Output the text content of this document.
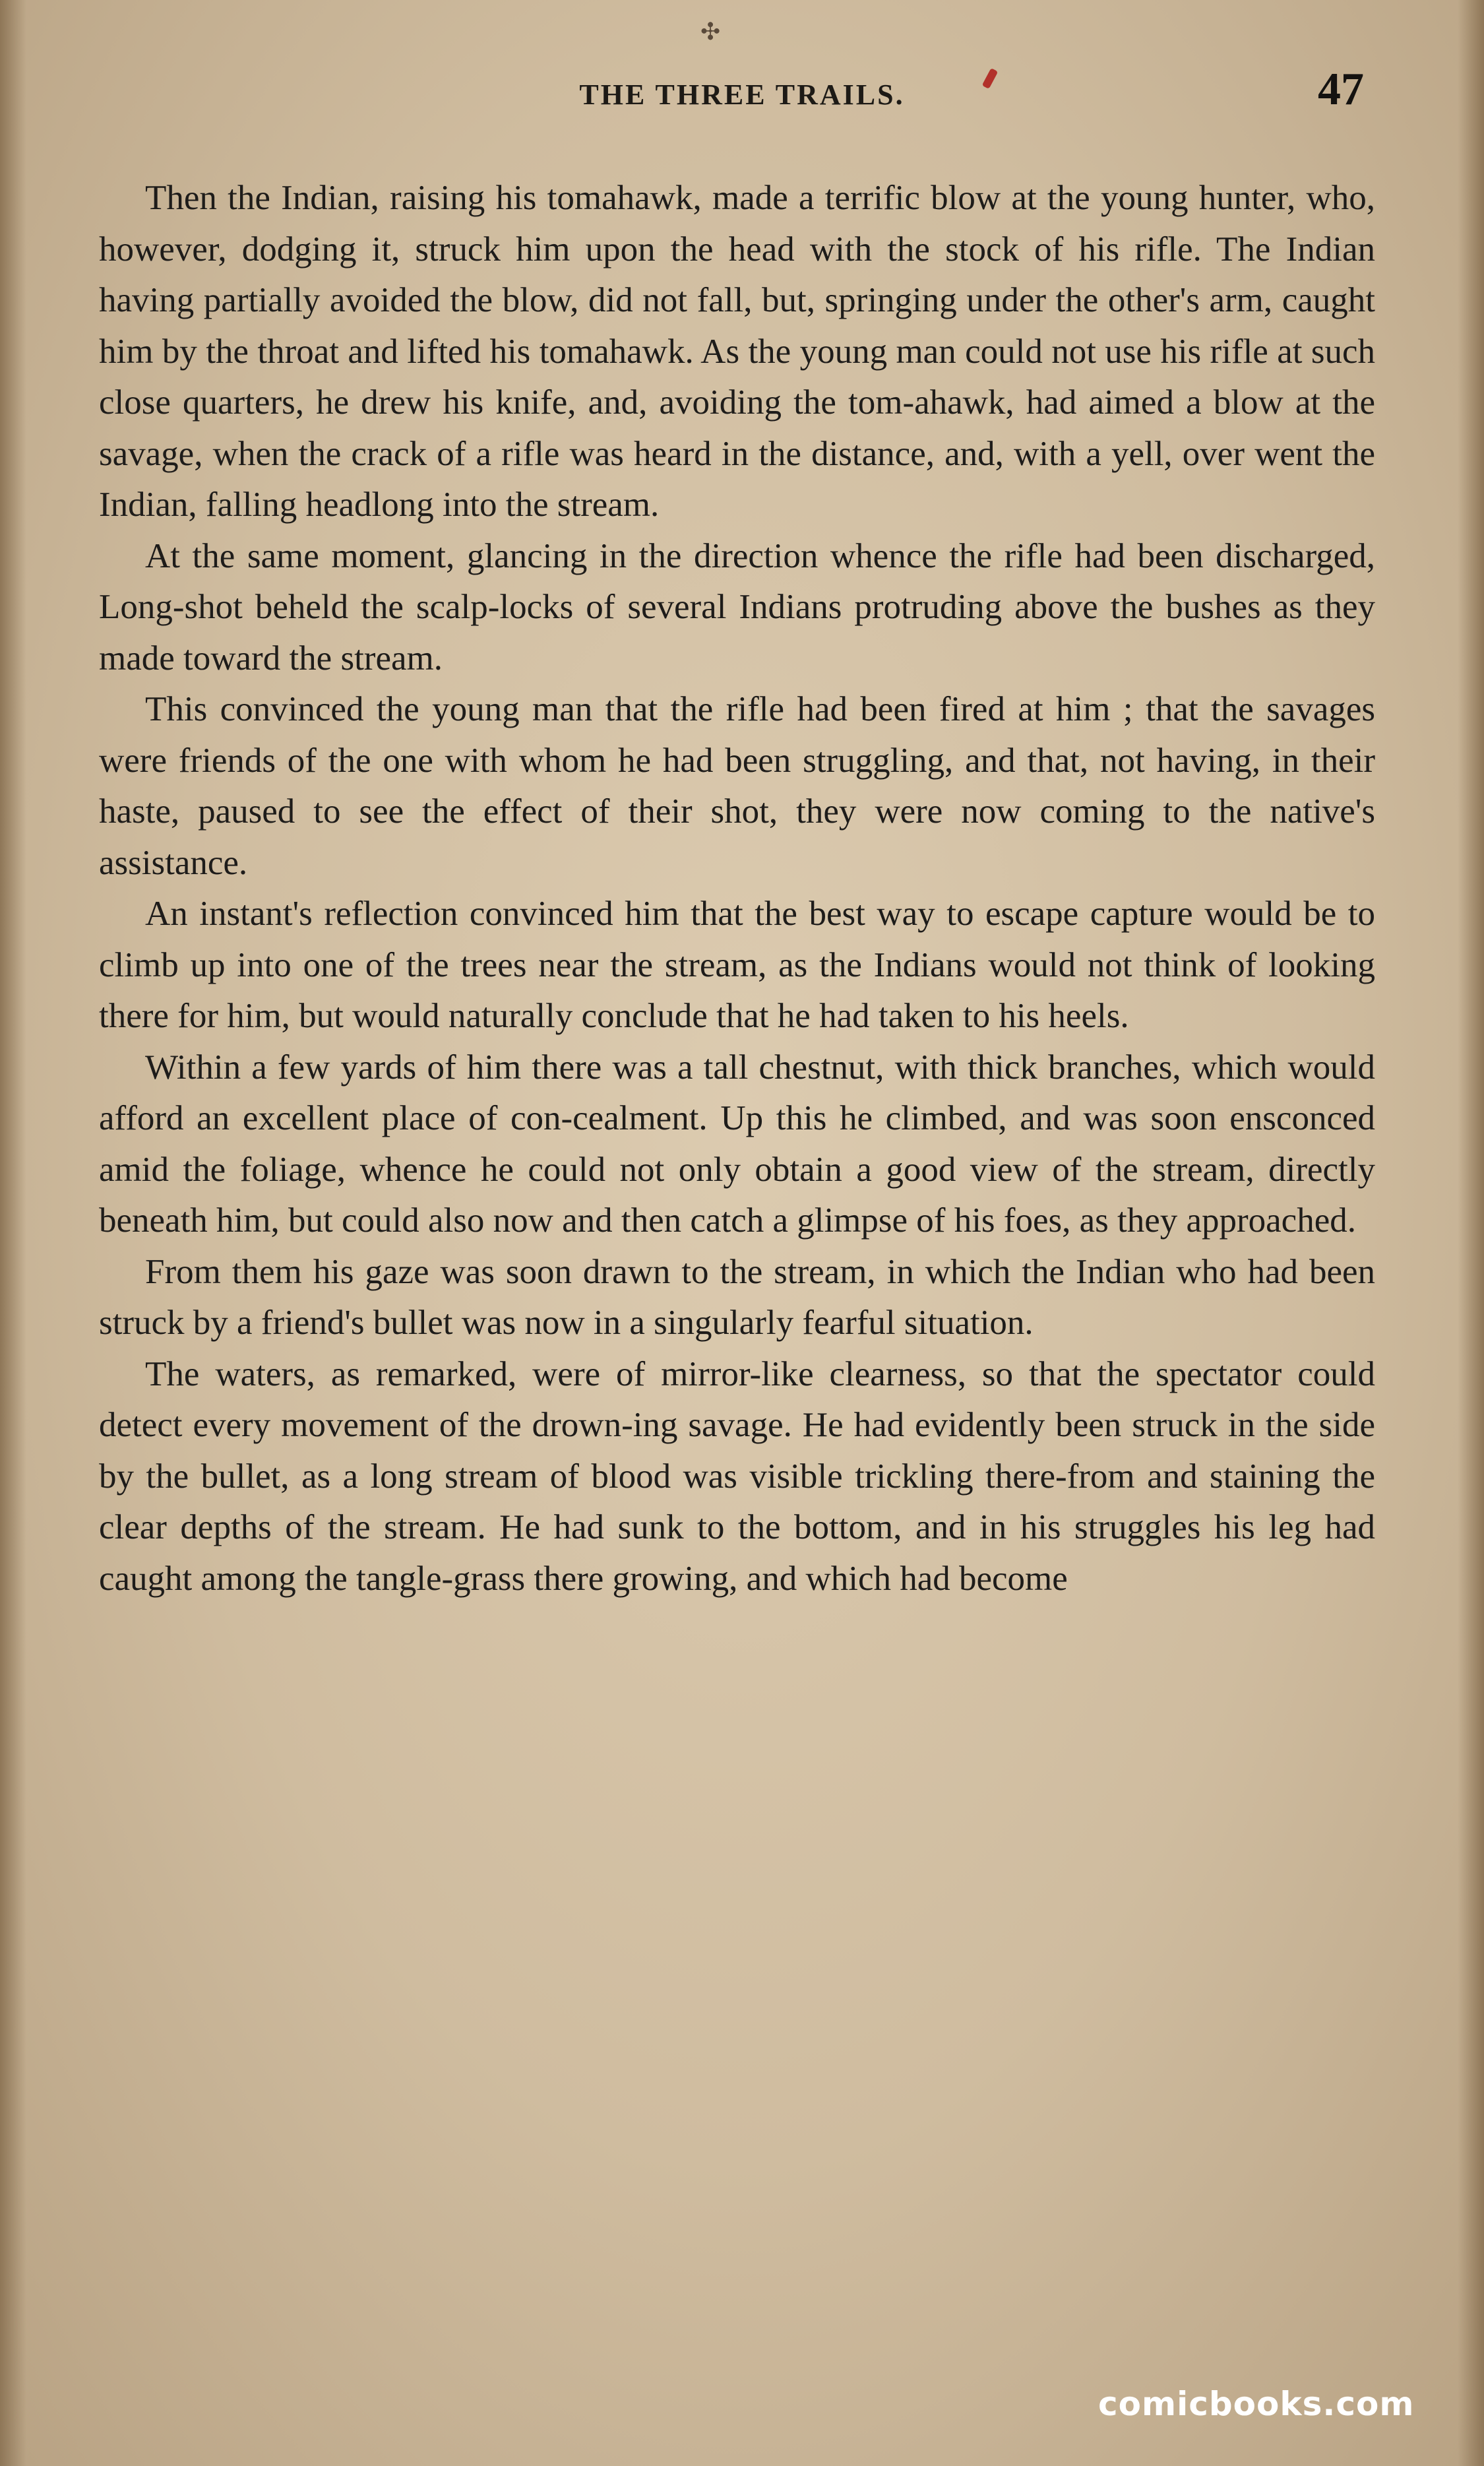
✣
THE THREE TRAILS.	47

Then the Indian, raising his tomahawk, made a terrific blow at the young hunter, who, however, dodging it, struck him upon the head with the stock of his rifle. The Indian having partially avoided the blow, did not fall, but, springing under the other's arm, caught him by the throat and lifted his tomahawk. As the young man could not use his rifle at such close quarters, he drew his knife, and, avoiding the tom-ahawk, had aimed a blow at the savage, when the crack of a rifle was heard in the distance, and, with a yell, over went the Indian, falling headlong into the stream.

At the same moment, glancing in the direction whence the rifle had been discharged, Long-shot beheld the scalp-locks of several Indians protruding above the bushes as they made toward the stream.

This convinced the young man that the rifle had been fired at him ; that the savages were friends of the one with whom he had been struggling, and that, not having, in their haste, paused to see the effect of their shot, they were now coming to the native's assistance.

An instant's reflection convinced him that the best way to escape capture would be to climb up into one of the trees near the stream, as the Indians would not think of looking there for him, but would naturally conclude that he had taken to his heels.

Within a few yards of him there was a tall chestnut, with thick branches, which would afford an excellent place of con-cealment. Up this he climbed, and was soon ensconced amid the foliage, whence he could not only obtain a good view of the stream, directly beneath him, but could also now and then catch a glimpse of his foes, as they approached.

From them his gaze was soon drawn to the stream, in which the Indian who had been struck by a friend's bullet was now in a singularly fearful situation.

The waters, as remarked, were of mirror-like clearness, so that the spectator could detect every movement of the drown-ing savage. He had evidently been struck in the side by the bullet, as a long stream of blood was visible trickling there-from and staining the clear depths of the stream. He had sunk to the bottom, and in his struggles his leg had caught among the tangle-grass there growing, and which had become

comicbooks.com
